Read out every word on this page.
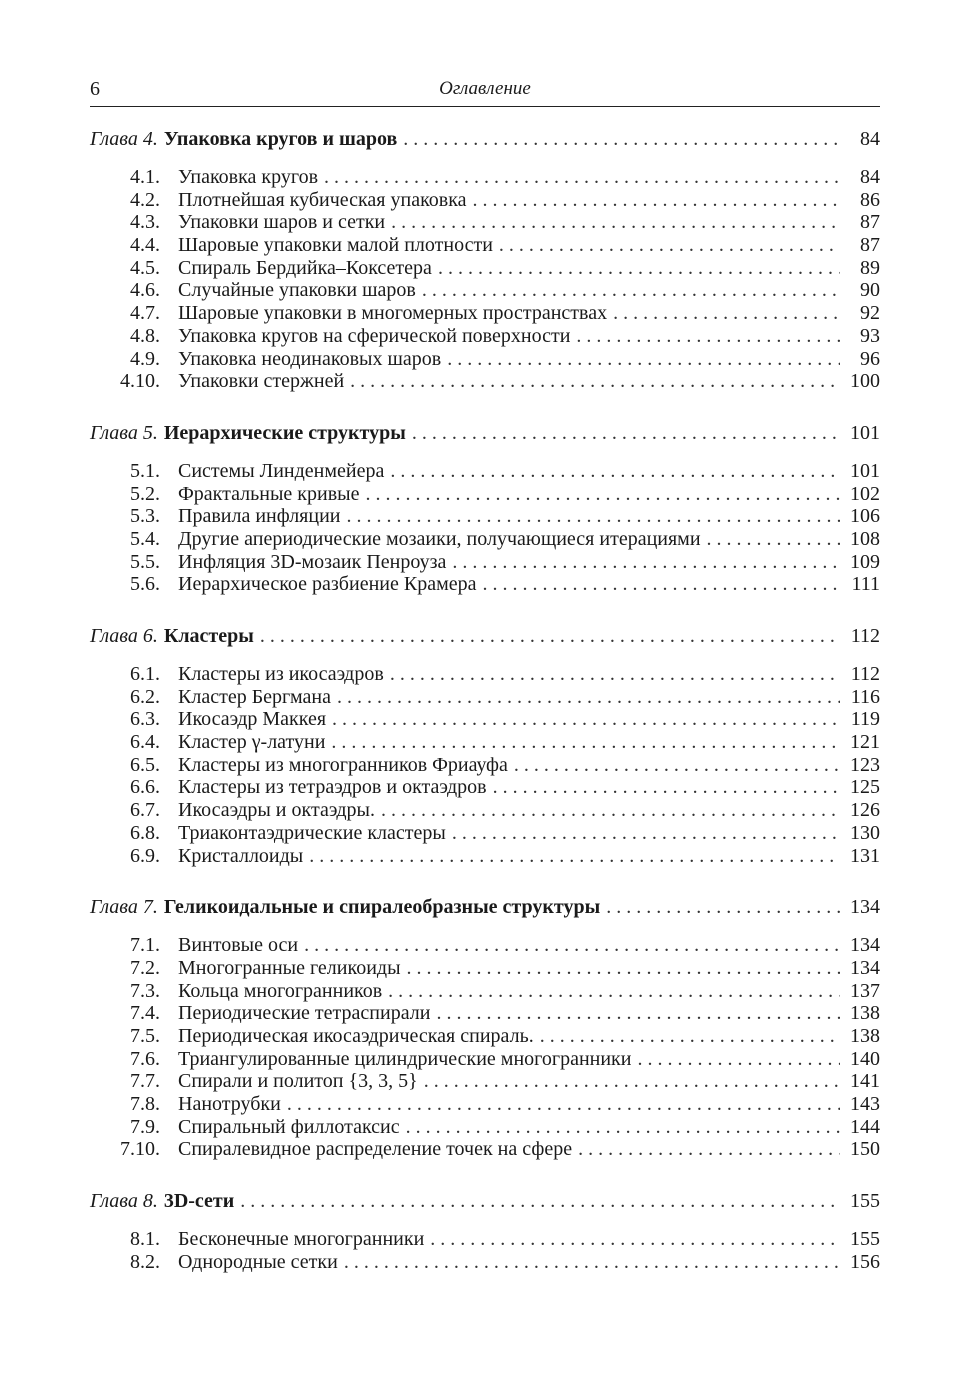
6	Оглавление
Глава 4. Упаковка кругов и шаров . . .	84
4.1. Упаковка кругов . . .	84
4.2. Плотнейшая кубическая упаковка . . .	86
4.3. Упаковки шаров и сетки . . .	87
4.4. Шаровые упаковки малой плотности . . .	87
4.5. Спираль Бердийка–Коксетера . . .	89
4.6. Случайные упаковки шаров . . .	90
4.7. Шаровые упаковки в многомерных пространствах . . .	92
4.8. Упаковка кругов на сферической поверхности . . .	93
4.9. Упаковка неодинаковых шаров . . .	96
4.10. Упаковки стержней . . .	100
Глава 5. Иерархические структуры . . .	101
5.1. Системы Линденмейера . . .	101
5.2. Фрактальные кривые . . .	102
5.3. Правила инфляции . . .	106
5.4. Другие апериодические мозаики, получающиеся итерациями . . .	108
5.5. Инфляция 3D-мозаик Пенроуза . . .	109
5.6. Иерархическое разбиение Крамера . . .	111
Глава 6. Кластеры . . .	112
6.1. Кластеры из икосаэдров . . .	112
6.2. Кластер Бергмана . . .	116
6.3. Икосаэдр Маккея . . .	119
6.4. Кластер γ-латуни . . .	121
6.5. Кластеры из многогранников Фриауфа . . .	123
6.6. Кластеры из тетраэдров и октаэдров . . .	125
6.7. Икосаэдры и октаэдры. . . .	126
6.8. Триаконтаэдрические кластеры . . .	130
6.9. Кристаллоиды . . .	131
Глава 7. Геликоидальные и спиралеобразные структуры . . .	134
7.1. Винтовые оси . . .	134
7.2. Многогранные геликоиды . . .	134
7.3. Кольца многогранников . . .	137
7.4. Периодические тетраспирали . . .	138
7.5. Периодическая икосаэдрическая спираль. . . .	138
7.6. Триангулированные цилиндрические многогранники . . .	140
7.7. Спирали и политоп {3, 3, 5} . . .	141
7.8. Нанотрубки . . .	143
7.9. Спиральный филлотаксис . . .	144
7.10. Спиралевидное распределение точек на сфере . . .	150
Глава 8. 3D-сети . . .	155
8.1. Бесконечные многогранники . . .	155
8.2. Однородные сетки . . .	156
